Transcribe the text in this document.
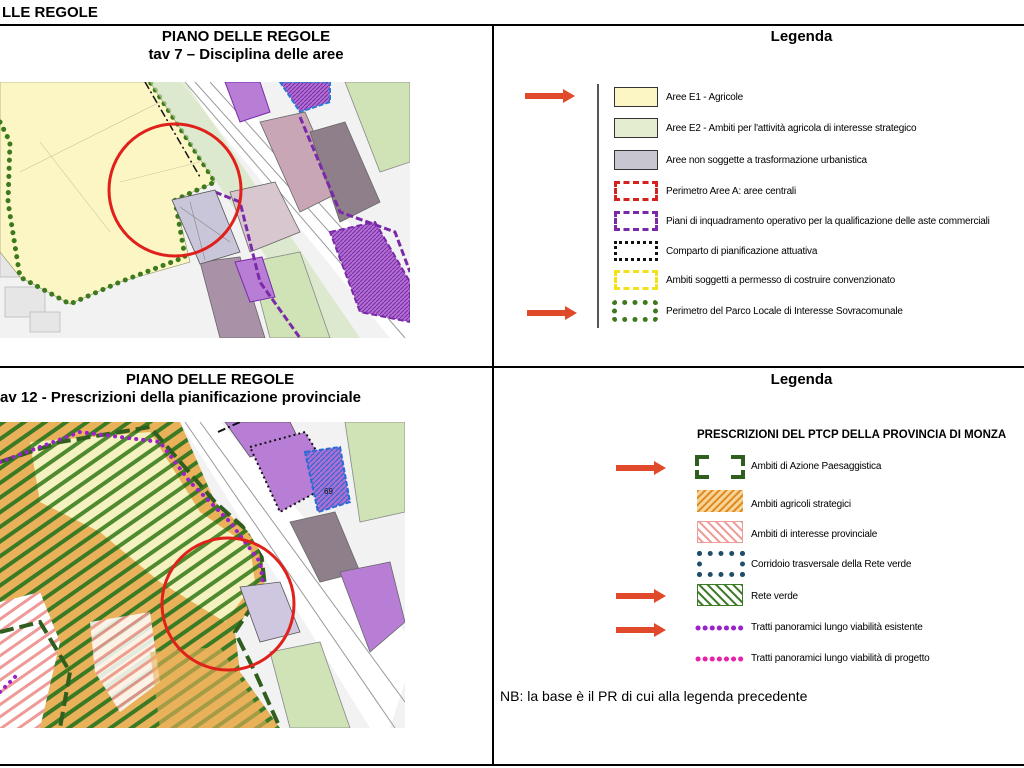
LLE REGOLE
PIANO DELLE REGOLE
tav 7 – Disciplina delle aree
Legenda
Aree E1 - Agricole
Aree E2 - Ambiti per l'attività agricola di interesse strategico
Aree non soggette a trasformazione urbanistica
Perimetro Aree A: aree centrali
Piani di inquadramento operativo per la qualificazione delle aste commerciali
Comparto di pianificazione attuativa
Ambiti soggetti a permesso di costruire convenzionato
Perimetro del Parco Locale di Interesse Sovracomunale
PIANO DELLE REGOLE
av 12 - Prescrizioni della pianificazione provinciale
69
Legenda
PRESCRIZIONI DEL PTCP DELLA PROVINCIA DI MONZA
Ambiti di Azione Paesaggistica
Ambiti agricoli strategici
Ambiti di interesse provinciale
Corridoio trasversale della Rete verde
Rete verde
Tratti panoramici lungo viabilità esistente
Tratti panoramici lungo viabilità di progetto
NB: la base è il PR di cui alla legenda precedente
